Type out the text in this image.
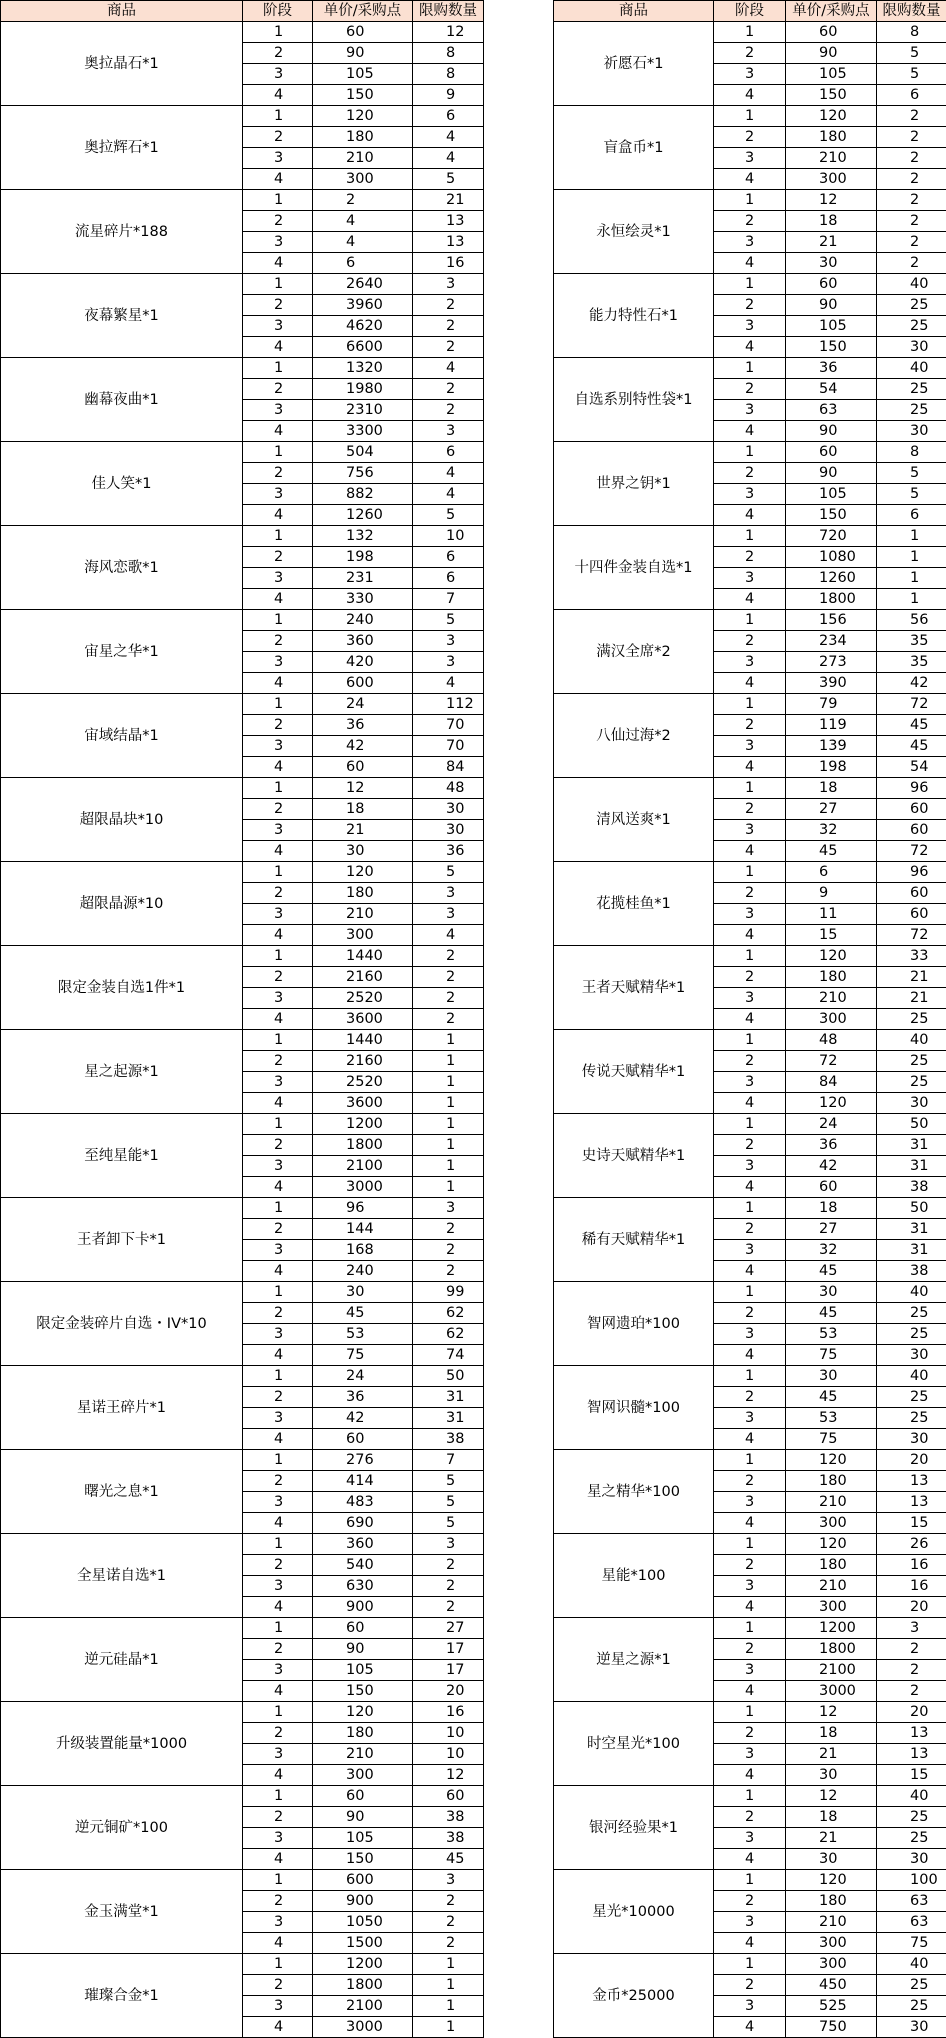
商品	阶段	单价/采购点	限购数量
奥拉晶石*1	1	60	12
	2	90	8
	3	105	8
	4	150	9
奥拉辉石*1	1	120	6
	2	180	4
	3	210	4
	4	300	5
流星碎片*188	1	2	21
	2	4	13
	3	4	13
	4	6	16
夜幕繁星*1	1	2640	3
	2	3960	2
	3	4620	2
	4	6600	2
幽幕夜曲*1	1	1320	4
	2	1980	2
	3	2310	2
	4	3300	3
佳人笑*1	1	504	6
	2	756	4
	3	882	4
	4	1260	5
海风恋歌*1	1	132	10
	2	198	6
	3	231	6
	4	330	7
宙星之华*1	1	240	5
	2	360	3
	3	420	3
	4	600	4
宙域结晶*1	1	24	112
	2	36	70
	3	42	70
	4	60	84
超限晶块*10	1	12	48
	2	18	30
	3	21	30
	4	30	36
超限晶源*10	1	120	5
	2	180	3
	3	210	3
	4	300	4
限定金装自选1件*1	1	1440	2
	2	2160	2
	3	2520	2
	4	3600	2
星之起源*1	1	1440	1
	2	2160	1
	3	2520	1
	4	3600	1
至纯星能*1	1	1200	1
	2	1800	1
	3	2100	1
	4	3000	1
王者卸下卡*1	1	96	3
	2	144	2
	3	168	2
	4	240	2
限定金装碎片自选・IV*10	1	30	99
	2	45	62
	3	53	62
	4	75	74
星诺王碎片*1	1	24	50
	2	36	31
	3	42	31
	4	60	38
曙光之息*1	1	276	7
	2	414	5
	3	483	5
	4	690	5
全星诺自选*1	1	360	3
	2	540	2
	3	630	2
	4	900	2
逆元硅晶*1	1	60	27
	2	90	17
	3	105	17
	4	150	20
升级装置能量*1000	1	120	16
	2	180	10
	3	210	10
	4	300	12
逆元铜矿*100	1	60	60
	2	90	38
	3	105	38
	4	150	45
金玉满堂*1	1	600	3
	2	900	2
	3	1050	2
	4	1500	2
璀璨合金*1	1	1200	1
	2	1800	1
	3	2100	1
	4	3000	1
商品	阶段	单价/采购点	限购数量
祈愿石*1	1	60	8
	2	90	5
	3	105	5
	4	150	6
盲盒币*1	1	120	2
	2	180	2
	3	210	2
	4	300	2
永恒绘灵*1	1	12	2
	2	18	2
	3	21	2
	4	30	2
能力特性石*1	1	60	40
	2	90	25
	3	105	25
	4	150	30
自选系别特性袋*1	1	36	40
	2	54	25
	3	63	25
	4	90	30
世界之钥*1	1	60	8
	2	90	5
	3	105	5
	4	150	6
十四件金装自选*1	1	720	1
	2	1080	1
	3	1260	1
	4	1800	1
满汉全席*2	1	156	56
	2	234	35
	3	273	35
	4	390	42
八仙过海*2	1	79	72
	2	119	45
	3	139	45
	4	198	54
清风送爽*1	1	18	96
	2	27	60
	3	32	60
	4	45	72
花揽桂鱼*1	1	6	96
	2	9	60
	3	11	60
	4	15	72
王者天赋精华*1	1	120	33
	2	180	21
	3	210	21
	4	300	25
传说天赋精华*1	1	48	40
	2	72	25
	3	84	25
	4	120	30
史诗天赋精华*1	1	24	50
	2	36	31
	3	42	31
	4	60	38
稀有天赋精华*1	1	18	50
	2	27	31
	3	32	31
	4	45	38
智网遗珀*100	1	30	40
	2	45	25
	3	53	25
	4	75	30
智网识髓*100	1	30	40
	2	45	25
	3	53	25
	4	75	30
星之精华*100	1	120	20
	2	180	13
	3	210	13
	4	300	15
星能*100	1	120	26
	2	180	16
	3	210	16
	4	300	20
逆星之源*1	1	1200	3
	2	1800	2
	3	2100	2
	4	3000	2
时空星光*100	1	12	20
	2	18	13
	3	21	13
	4	30	15
银河经验果*1	1	12	40
	2	18	25
	3	21	25
	4	30	30
星光*10000	1	120	100
	2	180	63
	3	210	63
	4	300	75
金币*25000	1	300	40
	2	450	25
	3	525	25
	4	750	30
